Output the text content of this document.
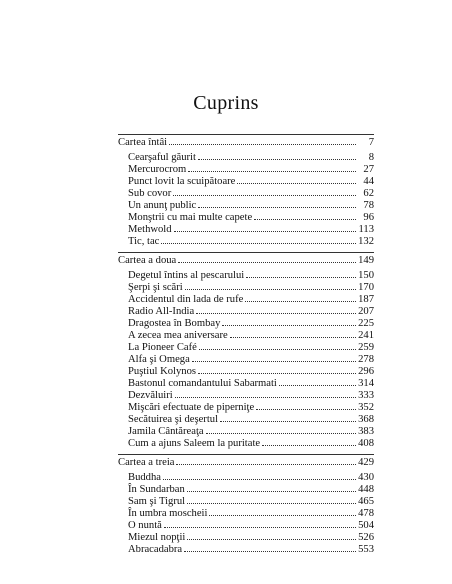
Cuprins
Cartea întâi	7
Cearşaful găurit	8
Mercurocrom	27
Punct lovit la scuipătoare	44
Sub covor	62
Un anunţ public	78
Monştrii cu mai multe capete	96
Methwold	113
Tic, tac	132
Cartea a doua	149
Degetul întins al pescarului	150
Şerpi şi scări	170
Accidentul din lada de rufe	187
Radio All-India	207
Dragostea în Bombay	225
A zecea mea aniversare	241
La Pioneer Café	259
Alfa şi Omega	278
Puştiul Kolynos	296
Bastonul comandantului Sabarmati	314
Dezvăluiri	333
Mişcări efectuate de piperniţe	352
Secătuirea şi deşertul	368
Jamila Cântăreaţa	383
Cum a ajuns Saleem la puritate	408
Cartea a treia	429
Buddha	430
În Sundarban	448
Sam şi Tigrul	465
În umbra moscheii	478
O nuntă	504
Miezul nopţii	526
Abracadabra	553
